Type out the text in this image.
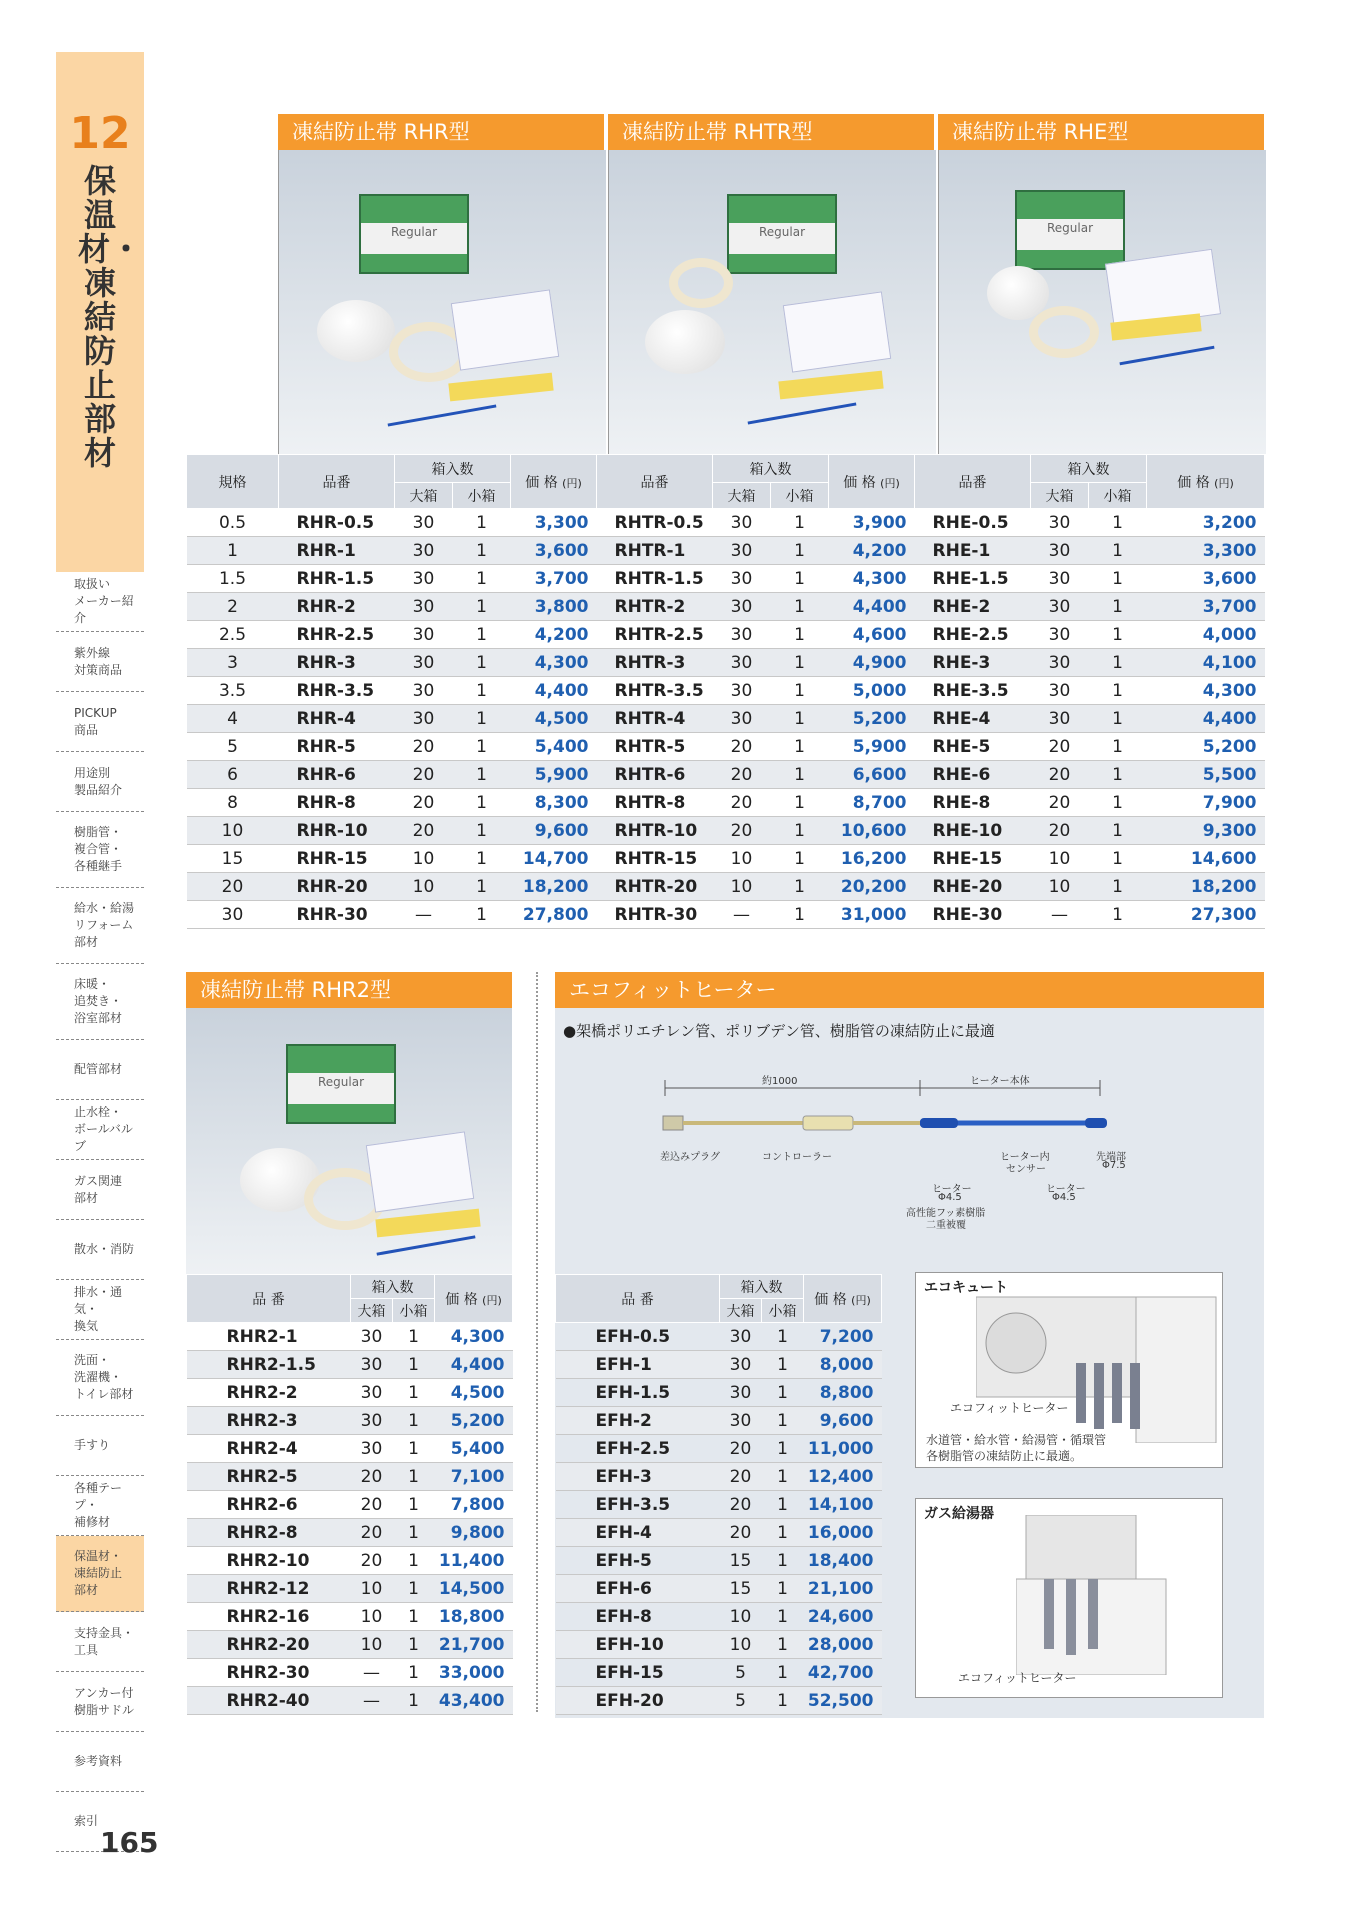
12
保温材・凍結防止部材
取扱い
メーカー紹介
紫外線
対策商品
PICKUP
商品
用途別
製品紹介
樹脂管・
複合管・
各種継手
給水・給湯
リフォーム
部材
床暖・
追焚き・
浴室部材
配管部材
止水栓・
ボールバルブ
ガス関連
部材
散水・消防
排水・通気・
換気
洗面・
洗濯機・
トイレ部材
手すり
各種テープ・
補修材
保温材・
凍結防止
部材
支持金具・
工具
アンカー付
樹脂サドル
参考資料
索引
165
凍結防止帯 RHR型	凍結防止帯 RHTR型	凍結防止帯 RHE型
Regular	Regular	Regular
規格	品番	箱入数		価 格 (円)	品番	箱入数		価 格 (円)	品番	箱入数		価 格 (円)
		大箱	小箱			大箱	小箱			大箱	小箱	
0.5	RHR-0.5	30	1	3,300	RHTR-0.5	30	1	3,900	RHE-0.5	30	1	3,200
1	RHR-1	30	1	3,600	RHTR-1	30	1	4,200	RHE-1	30	1	3,300
1.5	RHR-1.5	30	1	3,700	RHTR-1.5	30	1	4,300	RHE-1.5	30	1	3,600
2	RHR-2	30	1	3,800	RHTR-2	30	1	4,400	RHE-2	30	1	3,700
2.5	RHR-2.5	30	1	4,200	RHTR-2.5	30	1	4,600	RHE-2.5	30	1	4,000
3	RHR-3	30	1	4,300	RHTR-3	30	1	4,900	RHE-3	30	1	4,100
3.5	RHR-3.5	30	1	4,400	RHTR-3.5	30	1	5,000	RHE-3.5	30	1	4,300
4	RHR-4	30	1	4,500	RHTR-4	30	1	5,200	RHE-4	30	1	4,400
5	RHR-5	20	1	5,400	RHTR-5	20	1	5,900	RHE-5	20	1	5,200
6	RHR-6	20	1	5,900	RHTR-6	20	1	6,600	RHE-6	20	1	5,500
8	RHR-8	20	1	8,300	RHTR-8	20	1	8,700	RHE-8	20	1	7,900
10	RHR-10	20	1	9,600	RHTR-10	20	1	10,600	RHE-10	20	1	9,300
15	RHR-15	10	1	14,700	RHTR-15	10	1	16,200	RHE-15	10	1	14,600
20	RHR-20	10	1	18,200	RHTR-20	10	1	20,200	RHE-20	10	1	18,200
30	RHR-30	—	1	27,800	RHTR-30	—	1	31,000	RHE-30	—	1	27,300
凍結防止帯 RHR2型
Regular
品 番	箱入数		価 格 (円)
	大箱	小箱	
RHR2-1	30	1	4,300
RHR2-1.5	30	1	4,400
RHR2-2	30	1	4,500
RHR2-3	30	1	5,200
RHR2-4	30	1	5,400
RHR2-5	20	1	7,100
RHR2-6	20	1	7,800
RHR2-8	20	1	9,800
RHR2-10	20	1	11,400
RHR2-12	10	1	14,500
RHR2-16	10	1	18,800
RHR2-20	10	1	21,700
RHR2-30	—	1	33,000
RHR2-40	—	1	43,400
エコフィットヒーター
●架橋ポリエチレン管、ポリブデン管、樹脂管の凍結防止に最適
約1000	ヒーター本体
差込みプラグ	コントローラー	ヒーター内
センサー
先端部
Φ7.5
ヒーター
Φ4.5
高性能フッ素樹脂
二重被覆
ヒーター
Φ4.5
品 番	箱入数		価 格 (円)
	大箱	小箱	
EFH-0.5	30	1	7,200
EFH-1	30	1	8,000
EFH-1.5	30	1	8,800
EFH-2	30	1	9,600
EFH-2.5	20	1	11,000
EFH-3	20	1	12,400
EFH-3.5	20	1	14,100
EFH-4	20	1	16,000
EFH-5	15	1	18,400
EFH-6	15	1	21,100
EFH-8	10	1	24,600
EFH-10	10	1	28,000
EFH-15	5	1	42,700
EFH-20	5	1	52,500
エコキュート
エコフィットヒーター
水道管・給水管・給湯管・循環管
各樹脂管の凍結防止に最適。
ガス給湯器
エコフィットヒーター
